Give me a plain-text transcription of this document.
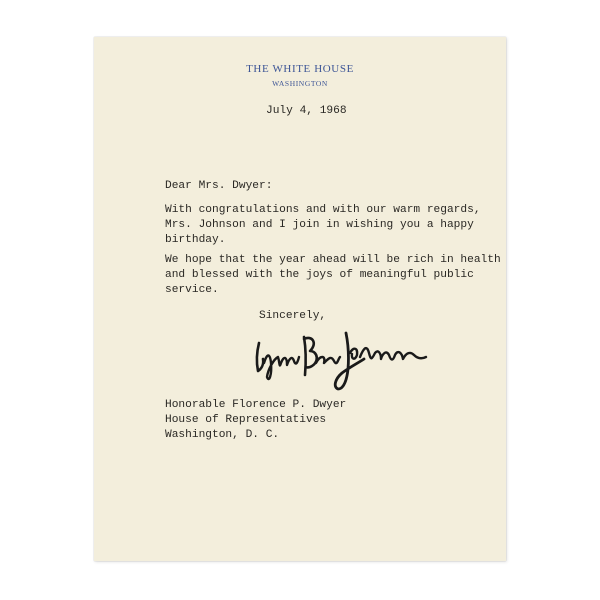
THE WHITE HOUSE
WASHINGTON
July 4, 1968
Dear Mrs. Dwyer:
With congratulations and with our warm regards,
Mrs. Johnson and I join in wishing you a happy
birthday.
We hope that the year ahead will be rich in health
and blessed with the joys of meaningful public
service.
Sincerely,
Honorable Florence P. Dwyer
House of Representatives
Washington, D. C.
